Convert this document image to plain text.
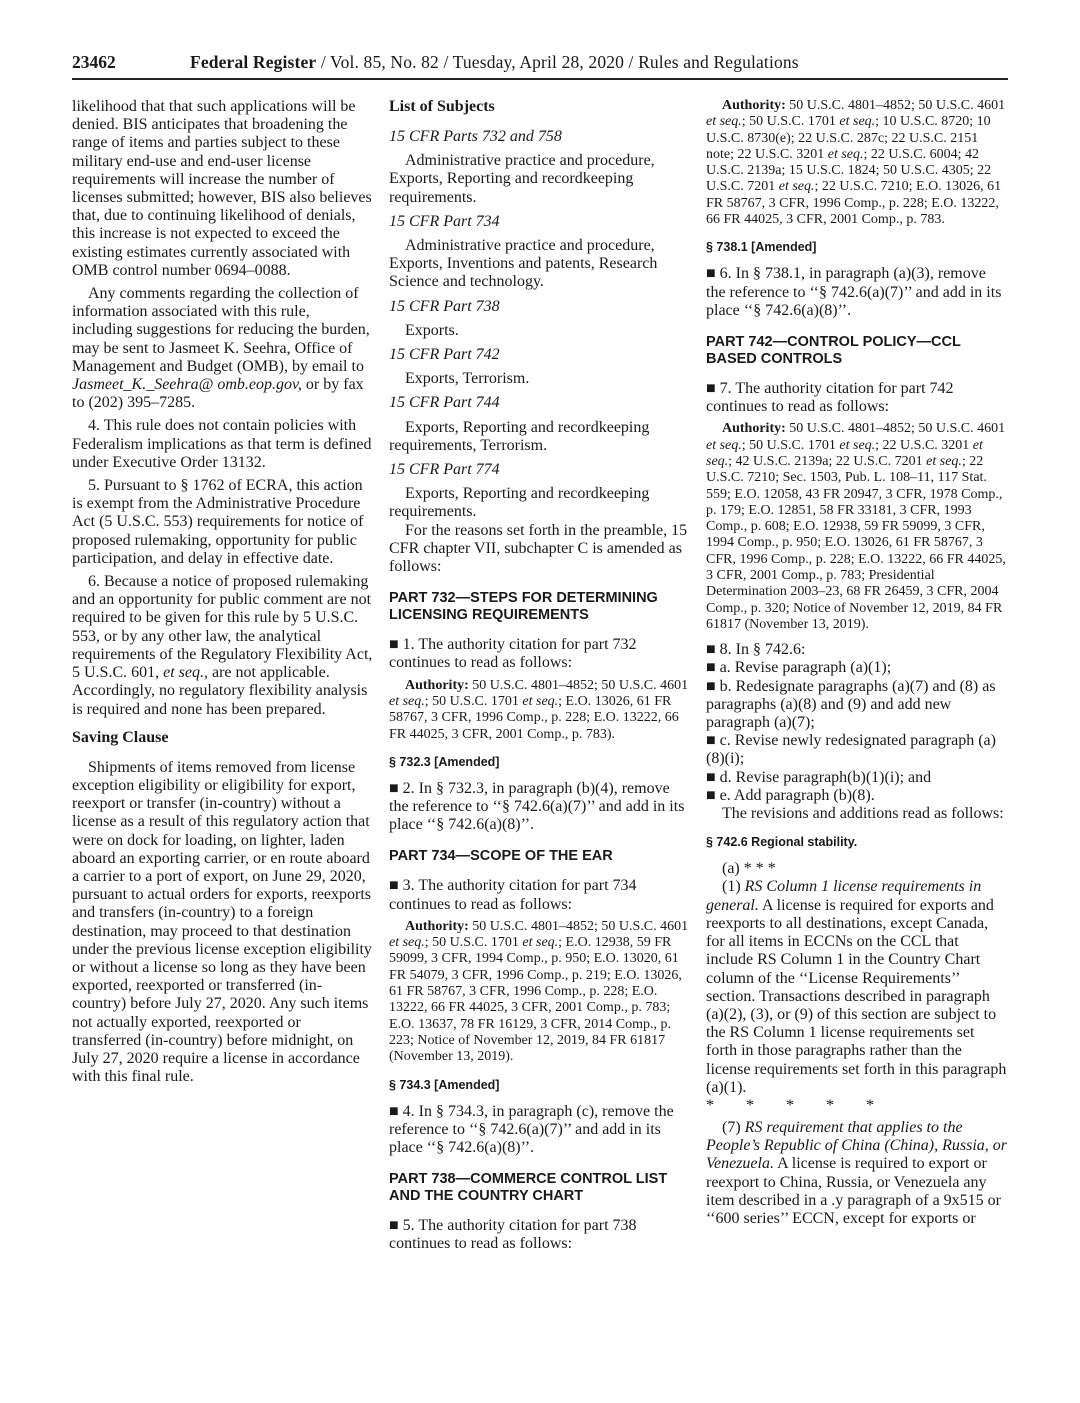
23462	Federal Register / Vol. 85, No. 82 / Tuesday, April 28, 2020 / Rules and Regulations
likelihood that that such applications will be denied. BIS anticipates that broadening the range of items and parties subject to these military end-use and end-user license requirements will increase the number of licenses submitted; however, BIS also believes that, due to continuing likelihood of denials, this increase is not expected to exceed the existing estimates currently associated with OMB control number 0694–0088.
Any comments regarding the collection of information associated with this rule, including suggestions for reducing the burden, may be sent to Jasmeet K. Seehra, Office of Management and Budget (OMB), by email to Jasmeet_K._Seehra@ omb.eop.gov, or by fax to (202) 395–7285.
4. This rule does not contain policies with Federalism implications as that term is defined under Executive Order 13132.
5. Pursuant to § 1762 of ECRA, this action is exempt from the Administrative Procedure Act (5 U.S.C. 553) requirements for notice of proposed rulemaking, opportunity for public participation, and delay in effective date.
6. Because a notice of proposed rulemaking and an opportunity for public comment are not required to be given for this rule by 5 U.S.C. 553, or by any other law, the analytical requirements of the Regulatory Flexibility Act, 5 U.S.C. 601, et seq., are not applicable. Accordingly, no regulatory flexibility analysis is required and none has been prepared.
Saving Clause
Shipments of items removed from license exception eligibility or eligibility for export, reexport or transfer (in-country) without a license as a result of this regulatory action that were on dock for loading, on lighter, laden aboard an exporting carrier, or en route aboard a carrier to a port of export, on June 29, 2020, pursuant to actual orders for exports, reexports and transfers (in-country) to a foreign destination, may proceed to that destination under the previous license exception eligibility or without a license so long as they have been exported, reexported or transferred (in-country) before July 27, 2020. Any such items not actually exported, reexported or transferred (in-country) before midnight, on July 27, 2020 require a license in accordance with this final rule.
List of Subjects
15 CFR Parts 732 and 758
Administrative practice and procedure, Exports, Reporting and recordkeeping requirements.
15 CFR Part 734
Administrative practice and procedure, Exports, Inventions and patents, Research Science and technology.
15 CFR Part 738
Exports.
15 CFR Part 742
Exports, Terrorism.
15 CFR Part 744
Exports, Reporting and recordkeeping requirements, Terrorism.
15 CFR Part 774
Exports, Reporting and recordkeeping requirements.
For the reasons set forth in the preamble, 15 CFR chapter VII, subchapter C is amended as follows:
PART 732—STEPS FOR DETERMINING LICENSING REQUIREMENTS
■ 1. The authority citation for part 732 continues to read as follows:
Authority: 50 U.S.C. 4801–4852; 50 U.S.C. 4601 et seq.; 50 U.S.C. 1701 et seq.; E.O. 13026, 61 FR 58767, 3 CFR, 1996 Comp., p. 228; E.O. 13222, 66 FR 44025, 3 CFR, 2001 Comp., p. 783).
§ 732.3 [Amended]
■ 2. In § 732.3, in paragraph (b)(4), remove the reference to ‘‘§ 742.6(a)(7)’’ and add in its place ‘‘§ 742.6(a)(8)’’.
PART 734—SCOPE OF THE EAR
■ 3. The authority citation for part 734 continues to read as follows:
Authority: 50 U.S.C. 4801–4852; 50 U.S.C. 4601 et seq.; 50 U.S.C. 1701 et seq.; E.O. 12938, 59 FR 59099, 3 CFR, 1994 Comp., p. 950; E.O. 13020, 61 FR 54079, 3 CFR, 1996 Comp., p. 219; E.O. 13026, 61 FR 58767, 3 CFR, 1996 Comp., p. 228; E.O. 13222, 66 FR 44025, 3 CFR, 2001 Comp., p. 783; E.O. 13637, 78 FR 16129, 3 CFR, 2014 Comp., p. 223; Notice of November 12, 2019, 84 FR 61817 (November 13, 2019).
§ 734.3 [Amended]
■ 4. In § 734.3, in paragraph (c), remove the reference to ‘‘§ 742.6(a)(7)’’ and add in its place ‘‘§ 742.6(a)(8)’’.
PART 738—COMMERCE CONTROL LIST AND THE COUNTRY CHART
■ 5. The authority citation for part 738 continues to read as follows:
Authority: 50 U.S.C. 4801–4852; 50 U.S.C. 4601 et seq.; 50 U.S.C. 1701 et seq.; 10 U.S.C. 8720; 10 U.S.C. 8730(e); 22 U.S.C. 287c; 22 U.S.C. 2151 note; 22 U.S.C. 3201 et seq.; 22 U.S.C. 6004; 42 U.S.C. 2139a; 15 U.S.C. 1824; 50 U.S.C. 4305; 22 U.S.C. 7201 et seq.; 22 U.S.C. 7210; E.O. 13026, 61 FR 58767, 3 CFR, 1996 Comp., p. 228; E.O. 13222, 66 FR 44025, 3 CFR, 2001 Comp., p. 783.
§ 738.1 [Amended]
■ 6. In § 738.1, in paragraph (a)(3), remove the reference to ‘‘§ 742.6(a)(7)’’ and add in its place ‘‘§ 742.6(a)(8)’’.
PART 742—CONTROL POLICY—CCL BASED CONTROLS
■ 7. The authority citation for part 742 continues to read as follows:
Authority: 50 U.S.C. 4801–4852; 50 U.S.C. 4601 et seq.; 50 U.S.C. 1701 et seq.; 22 U.S.C. 3201 et seq.; 42 U.S.C. 2139a; 22 U.S.C. 7201 et seq.; 22 U.S.C. 7210; Sec. 1503, Pub. L. 108–11, 117 Stat. 559; E.O. 12058, 43 FR 20947, 3 CFR, 1978 Comp., p. 179; E.O. 12851, 58 FR 33181, 3 CFR, 1993 Comp., p. 608; E.O. 12938, 59 FR 59099, 3 CFR, 1994 Comp., p. 950; E.O. 13026, 61 FR 58767, 3 CFR, 1996 Comp., p. 228; E.O. 13222, 66 FR 44025, 3 CFR, 2001 Comp., p. 783; Presidential Determination 2003–23, 68 FR 26459, 3 CFR, 2004 Comp., p. 320; Notice of November 12, 2019, 84 FR 61817 (November 13, 2019).
■ 8. In § 742.6:
■ a. Revise paragraph (a)(1);
■ b. Redesignate paragraphs (a)(7) and (8) as paragraphs (a)(8) and (9) and add new paragraph (a)(7);
■ c. Revise newly redesignated paragraph (a)(8)(i);
■ d. Revise paragraph(b)(1)(i); and
■ e. Add paragraph (b)(8).
The revisions and additions read as follows:
§ 742.6 Regional stability.
(a) * * *
(1) RS Column 1 license requirements in general. A license is required for exports and reexports to all destinations, except Canada, for all items in ECCNs on the CCL that include RS Column 1 in the Country Chart column of the ‘‘License Requirements’’ section. Transactions described in paragraph (a)(2), (3), or (9) of this section are subject to the RS Column 1 license requirements set forth in those paragraphs rather than the license requirements set forth in this paragraph (a)(1).
* * * * *
(7) RS requirement that applies to the People’s Republic of China (China), Russia, or Venezuela. A license is required to export or reexport to China, Russia, or Venezuela any item described in a .y paragraph of a 9x515 or ‘‘600 series’’ ECCN, except for exports or
